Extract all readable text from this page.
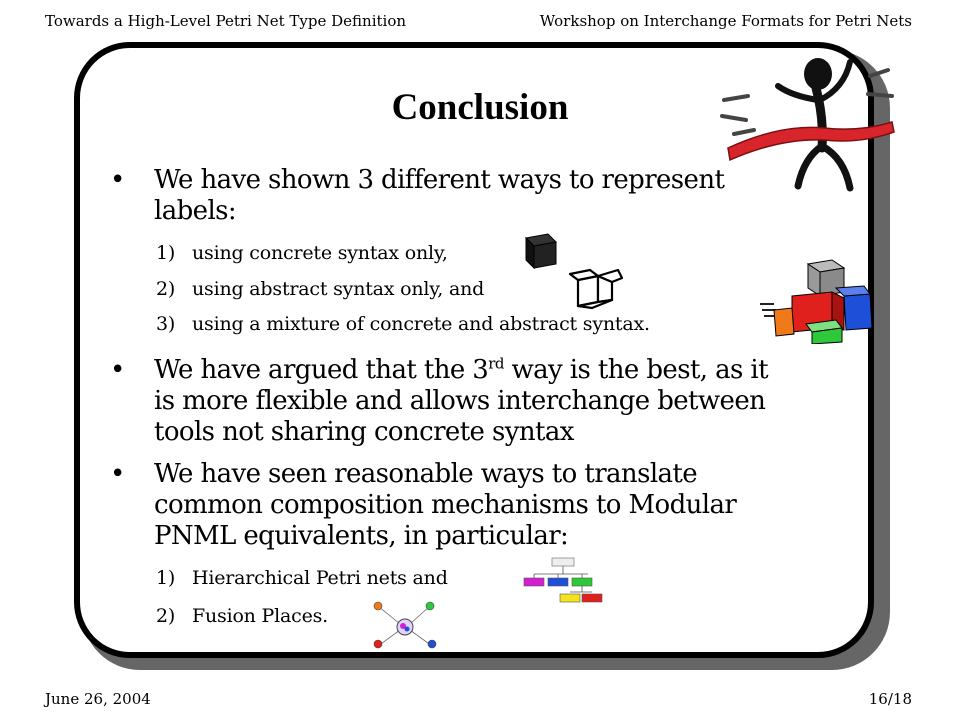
Towards a High-Level Petri Net Type Definition	Workshop on Interchange Formats for Petri Nets
Conclusion
• We have shown 3 different ways to represent
labels:
1) using concrete syntax only,
2) using abstract syntax only, and
3) using a mixture of concrete and abstract syntax.
• We have argued that the 3rd way is the best, as it
is more flexible and allows interchange between
tools not sharing concrete syntax
• We have seen reasonable ways to translate
common composition mechanisms to Modular
PNML equivalents, in particular:
1) Hierarchical Petri nets and
2) Fusion Places.
June 26, 2004	16/18
